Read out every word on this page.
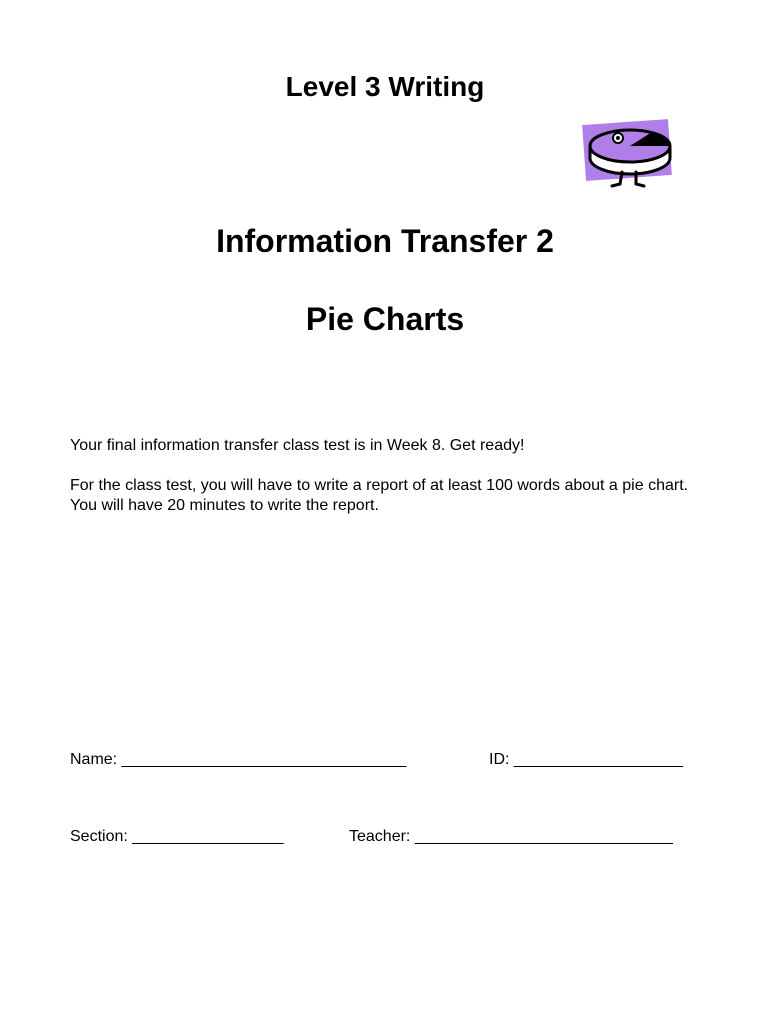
Level 3 Writing
Information Transfer 2
Pie Charts
Your final information transfer class test is in Week 8. Get ready!
For the class test, you will have to write a report of at least 100 words about a pie chart. You will have 20 minutes to write the report.
Name: ________________________________	ID: ___________________
Section: _________________	Teacher: _____________________________
